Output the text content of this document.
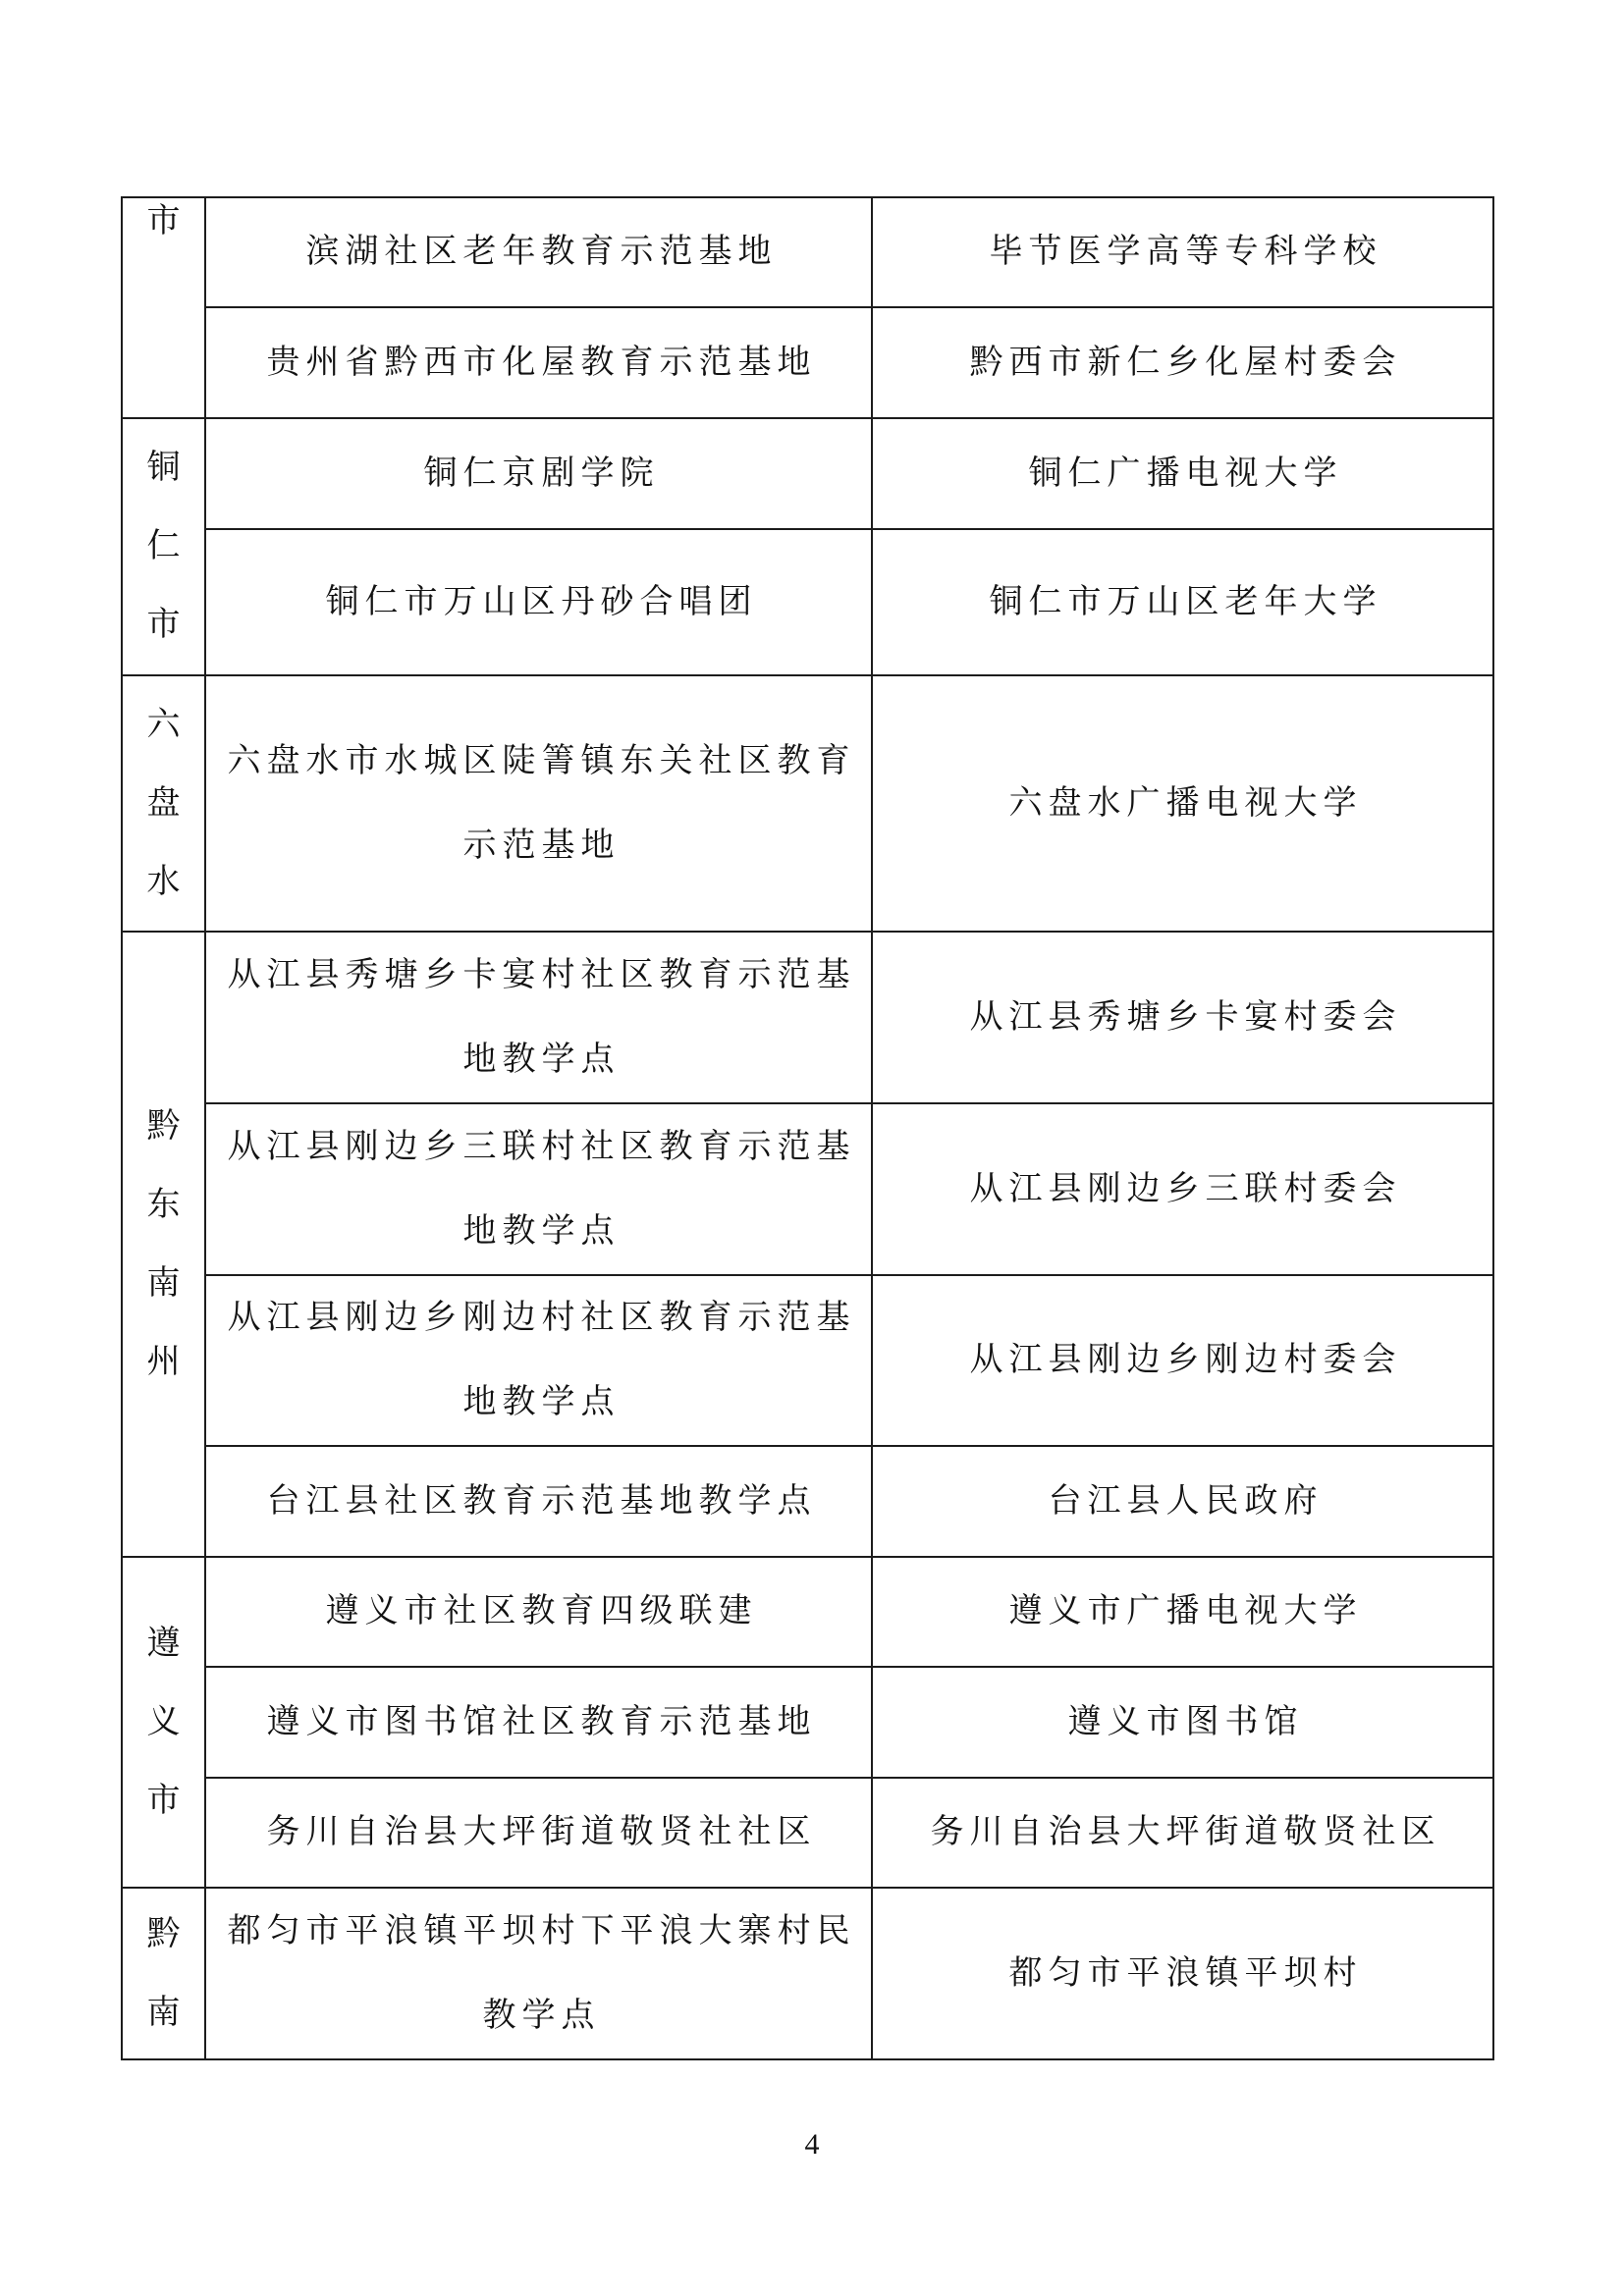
市	滨 湖 社 区 老 年 教 育 示 范 基 地	毕 节 医 学 高 等 专 科 学 校
	贵 州 省 黔 西 市 化 屋 教 育 示 范 基 地	黔 西 市 新 仁 乡 化 屋 村 委 会

铜
仁
市	铜 仁 京 剧 学 院	铜 仁 广 播 电 视 大 学
	铜 仁 市 万 山 区 丹 砂 合 唱 团	铜 仁 市 万 山 区 老 年 大 学

六
盘
水	六 盘 水 市 水 城 区 陡 箐 镇 东 关 社 区 教 育示 范 基 地	六 盘 水 广 播 电 视 大 学

黔
东
南
州	从 江 县 秀 塘 乡 卡 宴 村 社 区 教 育 示 范 基地 教 学 点	从 江 县 秀 塘 乡 卡 宴 村 委 会
	从 江 县 刚 边 乡 三 联 村 社 区 教 育 示 范 基地 教 学 点	从 江 县 刚 边 乡 三 联 村 委 会
	从 江 县 刚 边 乡 刚 边 村 社 区 教 育 示 范 基地 教 学 点	从 江 县 刚 边 乡 刚 边 村 委 会
	台 江 县 社 区 教 育 示 范 基 地 教 学 点	台 江 县 人 民 政 府

遵
义
市	遵 义 市 社 区 教 育 四 级 联 建	遵 义 市 广 播 电 视 大 学
	遵 义 市 图 书 馆 社 区 教 育 示 范 基 地	遵 义 市 图 书 馆
	务 川 自 治 县 大 坪 街 道 敬 贤 社 社 区	务 川 自 治 县 大 坪 街 道 敬 贤 社 区

黔
南	都 匀 市 平 浪 镇 平 坝 村 下 平 浪 大 寨 村 民教 学 点	都 匀 市 平 浪 镇 平 坝 村
4
